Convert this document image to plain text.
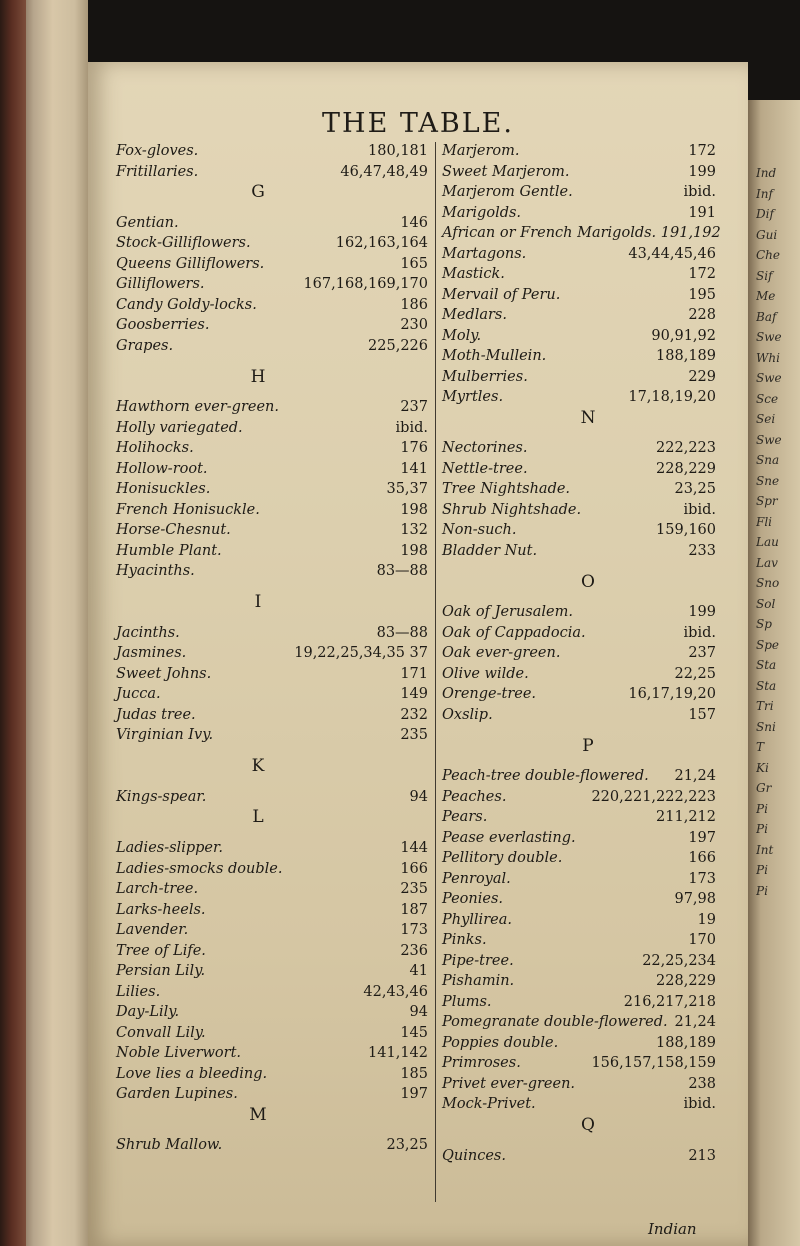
Ind
Inf
Dif
Gui
Che
Sif
Me
Baf
Swe
Whi
Swe
Sce
Sei
Swe
Sna
Sne
Spr
Fli
Lau
Lav
Sno
Sol
Sp
Spe
Sta
Sta
Tri
Sni
T
Ki
Gr
Pi
Pi
Int
Pi
Pi
THE TABLE.
Indian
Fox-gloves.	180,181
Fritillaries.	46,47,48,49
G
Gentian.	146
Stock-Gilliflowers.	162,163,164
Queens Gilliflowers.	165
Gilliflowers.	167,168,169,170
Candy Goldy-locks.	186
Goosberries.	230
Grapes.	225,226
H
Hawthorn ever-green.	237
Holly variegated.	ibid.
Holihocks.	176
Hollow-root.	141
Honisuckles.	35,37
French Honisuckle.	198
Horse-Chesnut.	132
Humble Plant.	198
Hyacinths.	83—88
I
Jacinths.	83—88
Jasmines.	19,22,25,34,35 37
Sweet Johns.	171
Jucca.	149
Judas tree.	232
Virginian Ivy.	235
K
Kings-spear.	94
L
Ladies-slipper.	144
Ladies-smocks double.	166
Larch-tree.	235
Larks-heels.	187
Lavender.	173
Tree of Life.	236
Persian Lily.	41
Lilies.	42,43,46
Day-Lily.	94
Convall Lily.	145
Noble Liverwort.	141,142
Love lies a bleeding.	185
Garden Lupines.	197
M
Shrub Mallow.	23,25
Marjerom.	172
Sweet Marjerom.	199
Marjerom Gentle.	ibid.
Marigolds.	191
African or French Marigolds. 191,192
Martagons.	43,44,45,46
Mastick.	172
Mervail of Peru.	195
Medlars.	228
Moly.	90,91,92
Moth-Mullein.	188,189
Mulberries.	229
Myrtles.	17,18,19,20
N
Nectorines.	222,223
Nettle-tree.	228,229
Tree Nightshade.	23,25
Shrub Nightshade.	ibid.
Non-such.	159,160
Bladder Nut.	233
O
Oak of Jerusalem.	199
Oak of Cappadocia.	ibid.
Oak ever-green.	237
Olive wilde.	22,25
Orenge-tree.	16,17,19,20
Oxslip.	157
P
Peach-tree double-flowered. 21,24
Peaches.	220,221,222,223
Pears.	211,212
Pease everlasting.	197
Pellitory double.	166
Penroyal.	173
Peonies.	97,98
Phyllirea.	19
Pinks.	170
Pipe-tree.	22,25,234
Pishamin.	228,229
Plums.	216,217,218
Pomegranate double-flowered. 21,24
Poppies double.	188,189
Primroses.	156,157,158,159
Privet ever-green.	238
Mock-Privet.	ibid.
Q
Quinces.	213
